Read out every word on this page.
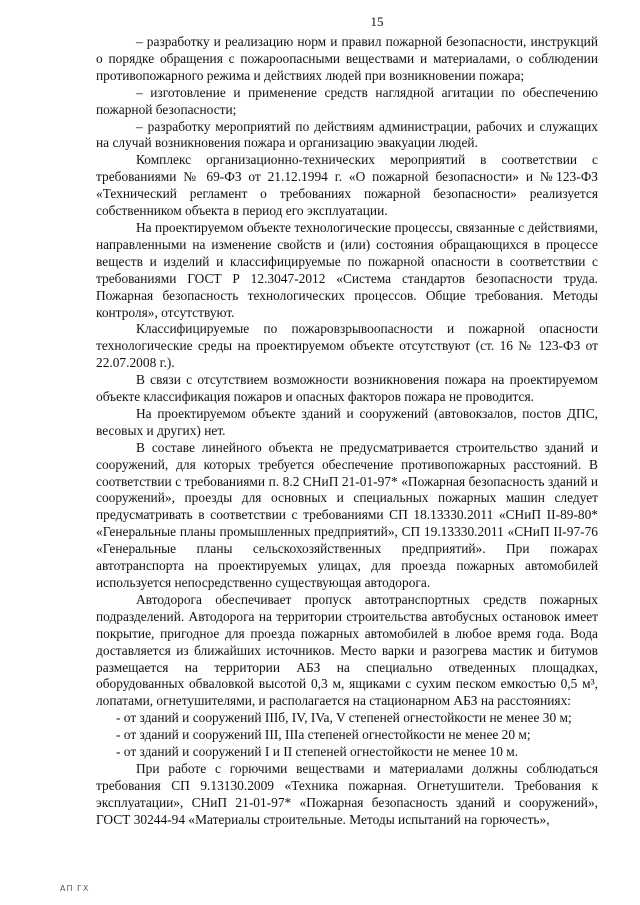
15

– разработку и реализацию норм и правил пожарной безопасности, инструкций о порядке обращения с пожароопасными веществами и материалами, о соблюдении противопожарного режима и действиях людей при возникновении пожара;

– изготовление и применение средств наглядной агитации по обеспечению пожарной безопасности;

– разработку мероприятий по действиям администрации, рабочих и служащих на случай возникновения пожара и организацию эвакуации людей.

Комплекс организационно-технических мероприятий в соответствии с требованиями № 69-ФЗ от 21.12.1994 г. «О пожарной безопасности» и №123-ФЗ «Технический регламент о требованиях пожарной безопасности» реализуется собственником объекта в период его эксплуатации.

На проектируемом объекте технологические процессы, связанные с действиями, направленными на изменение свойств и (или) состояния обращающихся в процессе веществ и изделий и классифицируемые по пожарной опасности в соответствии с требованиями ГОСТ Р 12.3047-2012 «Система стандартов безопасности труда. Пожарная безопасность технологических процессов. Общие требования. Методы контроля», отсутствуют.

Классифицируемые по пожаровзрывоопасности и пожарной опасности технологические среды на проектируемом объекте отсутствуют (ст. 16 № 123-ФЗ от 22.07.2008 г.).

В связи с отсутствием возможности возникновения пожара на проектируемом объекте классификация пожаров и опасных факторов пожара не проводится.

На проектируемом объекте зданий и сооружений (автовокзалов, постов ДПС, весовых и других) нет.

В составе линейного объекта не предусматривается строительство зданий и сооружений, для которых требуется обеспечение противопожарных расстояний. В соответствии с требованиями п. 8.2 СНиП 21-01-97* «Пожарная безопасность зданий и сооружений», проезды для основных и специальных пожарных машин следует предусматривать в соответствии с требованиями СП 18.13330.2011 «СНиП II-89-80* «Генеральные планы промышленных предприятий», СП 19.13330.2011 «СНиП II-97-76 «Генеральные планы сельскохозяйственных предприятий». При пожарах автотранспорта на проектируемых улицах, для проезда пожарных автомобилей используется непосредственно существующая автодорога.

Автодорога обеспечивает пропуск автотранспортных средств пожарных подразделений. Автодорога на территории строительства автобусных остановок имеет покрытие, пригодное для проезда пожарных автомобилей в любое время года. Вода доставляется из ближайших источников. Место варки и разогрева мастик и битумов размещается на территории АБЗ на специально отведенных площадках, оборудованных обваловкой высотой 0,3 м, ящиками с сухим песком емкостью 0,5 м³, лопатами, огнетушителями, и располагается на стационарном АБЗ на расстояниях:

- от зданий и сооружений IIIб, IV, IVa, V степеней огнестойкости не менее 30 м;

- от зданий и сооружений III, IIIa степеней огнестойкости не менее 20 м;

- от зданий и сооружений I и II степеней огнестойкости не менее 10 м.

При работе с горючими веществами и материалами должны соблюдаться требования СП 9.13130.2009 «Техника пожарная. Огнетушители. Требования к эксплуатации», СНиП 21-01-97* «Пожарная безопасность зданий и сооружений», ГОСТ 30244-94 «Материалы строительные. Методы испытаний на горючесть»,

АП ГХ
